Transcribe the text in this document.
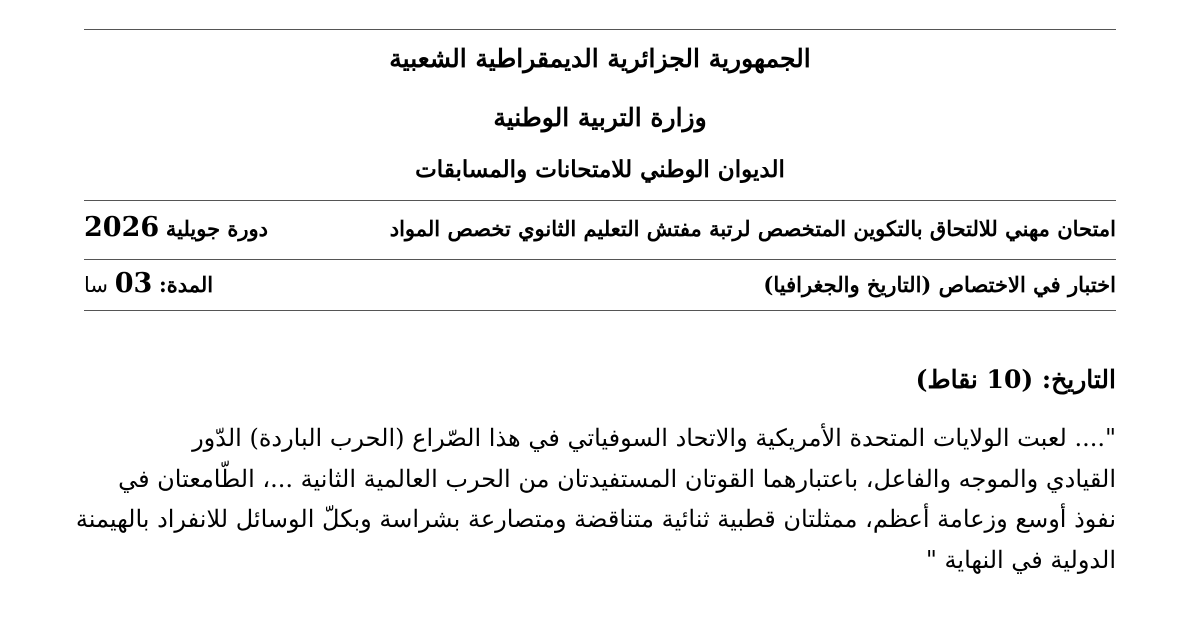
الجمهورية الجزائرية الديمقراطية الشعبية
وزارة التربية الوطنية
الديوان الوطني للامتحانات والمسابقات
امتحان مهني للالتحاق بالتكوين المتخصص لرتبة مفتش التعليم الثانوي تخصص المواد
دورة جويلية 2026
اختبار في الاختصاص (التاريخ والجغرافيا)
المدة: 03 سا
التاريخ: (10 نقاط)
".... لعبت الولايات المتحدة الأمريكية والاتحاد السوفياتي في هذا الصّراع (الحرب الباردة) الدّور
القيادي والموجه والفاعل، باعتبارهما القوتان المستفيدتان من الحرب العالمية الثانية ...، الطّامعتان في
نفوذ أوسع وزعامة أعظم، ممثلتان قطبية ثنائية متناقضة ومتصارعة بشراسة وبكلّ الوسائل للانفراد بالهيمنة
الدولية في النهاية "
